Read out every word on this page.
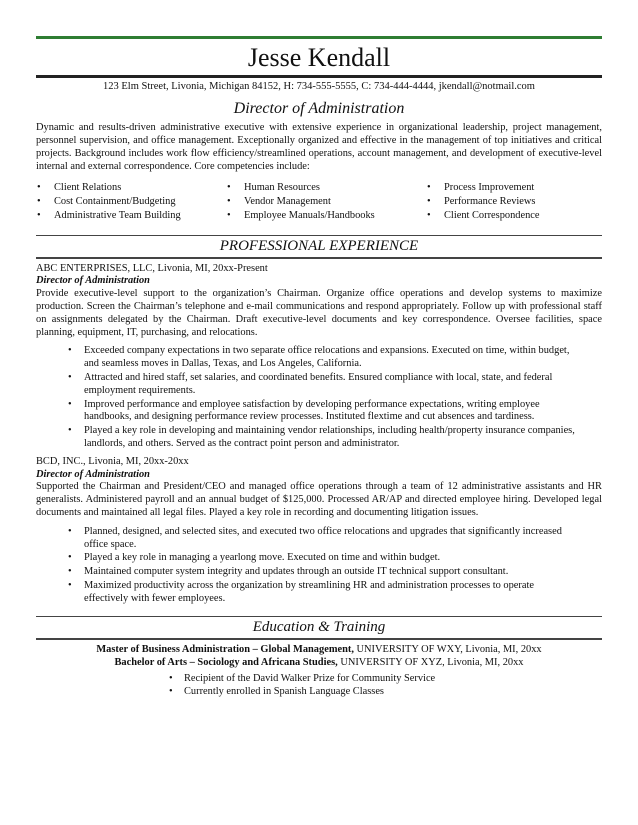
Jesse Kendall
123 Elm Street, Livonia, Michigan 84152, H: 734-555-5555, C: 734-444-4444, jkendall@notmail.com
Director of Administration
Dynamic and results-driven administrative executive with extensive experience in organizational leadership, project management, personnel supervision, and office management. Exceptionally organized and effective in the management of top initiatives and critical projects. Background includes work flow efficiency/streamlined operations, account management, and development of executive-level internal and external correspondence. Core competencies include:
• Client Relations	• Human Resources	• Process Improvement
• Cost Containment/Budgeting	• Vendor Management	• Performance Reviews
• Administrative Team Building	• Employee Manuals/Handbooks	• Client Correspondence
PROFESSIONAL EXPERIENCE
ABC ENTERPRISES, LLC, Livonia, MI, 20xx-Present
Director of Administration
Provide executive-level support to the organization’s Chairman. Organize office operations and develop systems to maximize production. Screen the Chairman’s telephone and e-mail communications and respond appropriately. Follow up with professional staff on assignments delegated by the Chairman. Draft executive-level documents and key correspondence. Oversee facilities, space planning, equipment, IT, purchasing, and relocations.
• Exceeded company expectations in two separate office relocations and expansions. Executed on time, within budget, and seamless moves in Dallas, Texas, and Los Angeles, California.
• Attracted and hired staff, set salaries, and coordinated benefits. Ensured compliance with local, state, and federal employment requirements.
• Improved performance and employee satisfaction by developing performance expectations, writing employee handbooks, and designing performance review processes. Instituted flextime and cut absences and tardiness.
• Played a key role in developing and maintaining vendor relationships, including health/property insurance companies, landlords, and others. Served as the contract point person and administrator.
BCD, INC., Livonia, MI, 20xx-20xx
Director of Administration
Supported the Chairman and President/CEO and managed office operations through a team of 12 administrative assistants and HR generalists. Administered payroll and an annual budget of $125,000. Processed AR/AP and directed employee hiring. Developed legal documents and maintained all legal files. Played a key role in recording and documenting litigation issues.
• Planned, designed, and selected sites, and executed two office relocations and upgrades that significantly increased office space.
• Played a key role in managing a yearlong move. Executed on time and within budget.
• Maintained computer system integrity and updates through an outside IT technical support consultant.
• Maximized productivity across the organization by streamlining HR and administration processes to operate effectively with fewer employees.
Education & Training
Master of Business Administration – Global Management, UNIVERSITY OF WXY, Livonia, MI, 20xx
Bachelor of Arts – Sociology and Africana Studies, UNIVERSITY OF XYZ, Livonia, MI, 20xx
• Recipient of the David Walker Prize for Community Service
• Currently enrolled in Spanish Language Classes
